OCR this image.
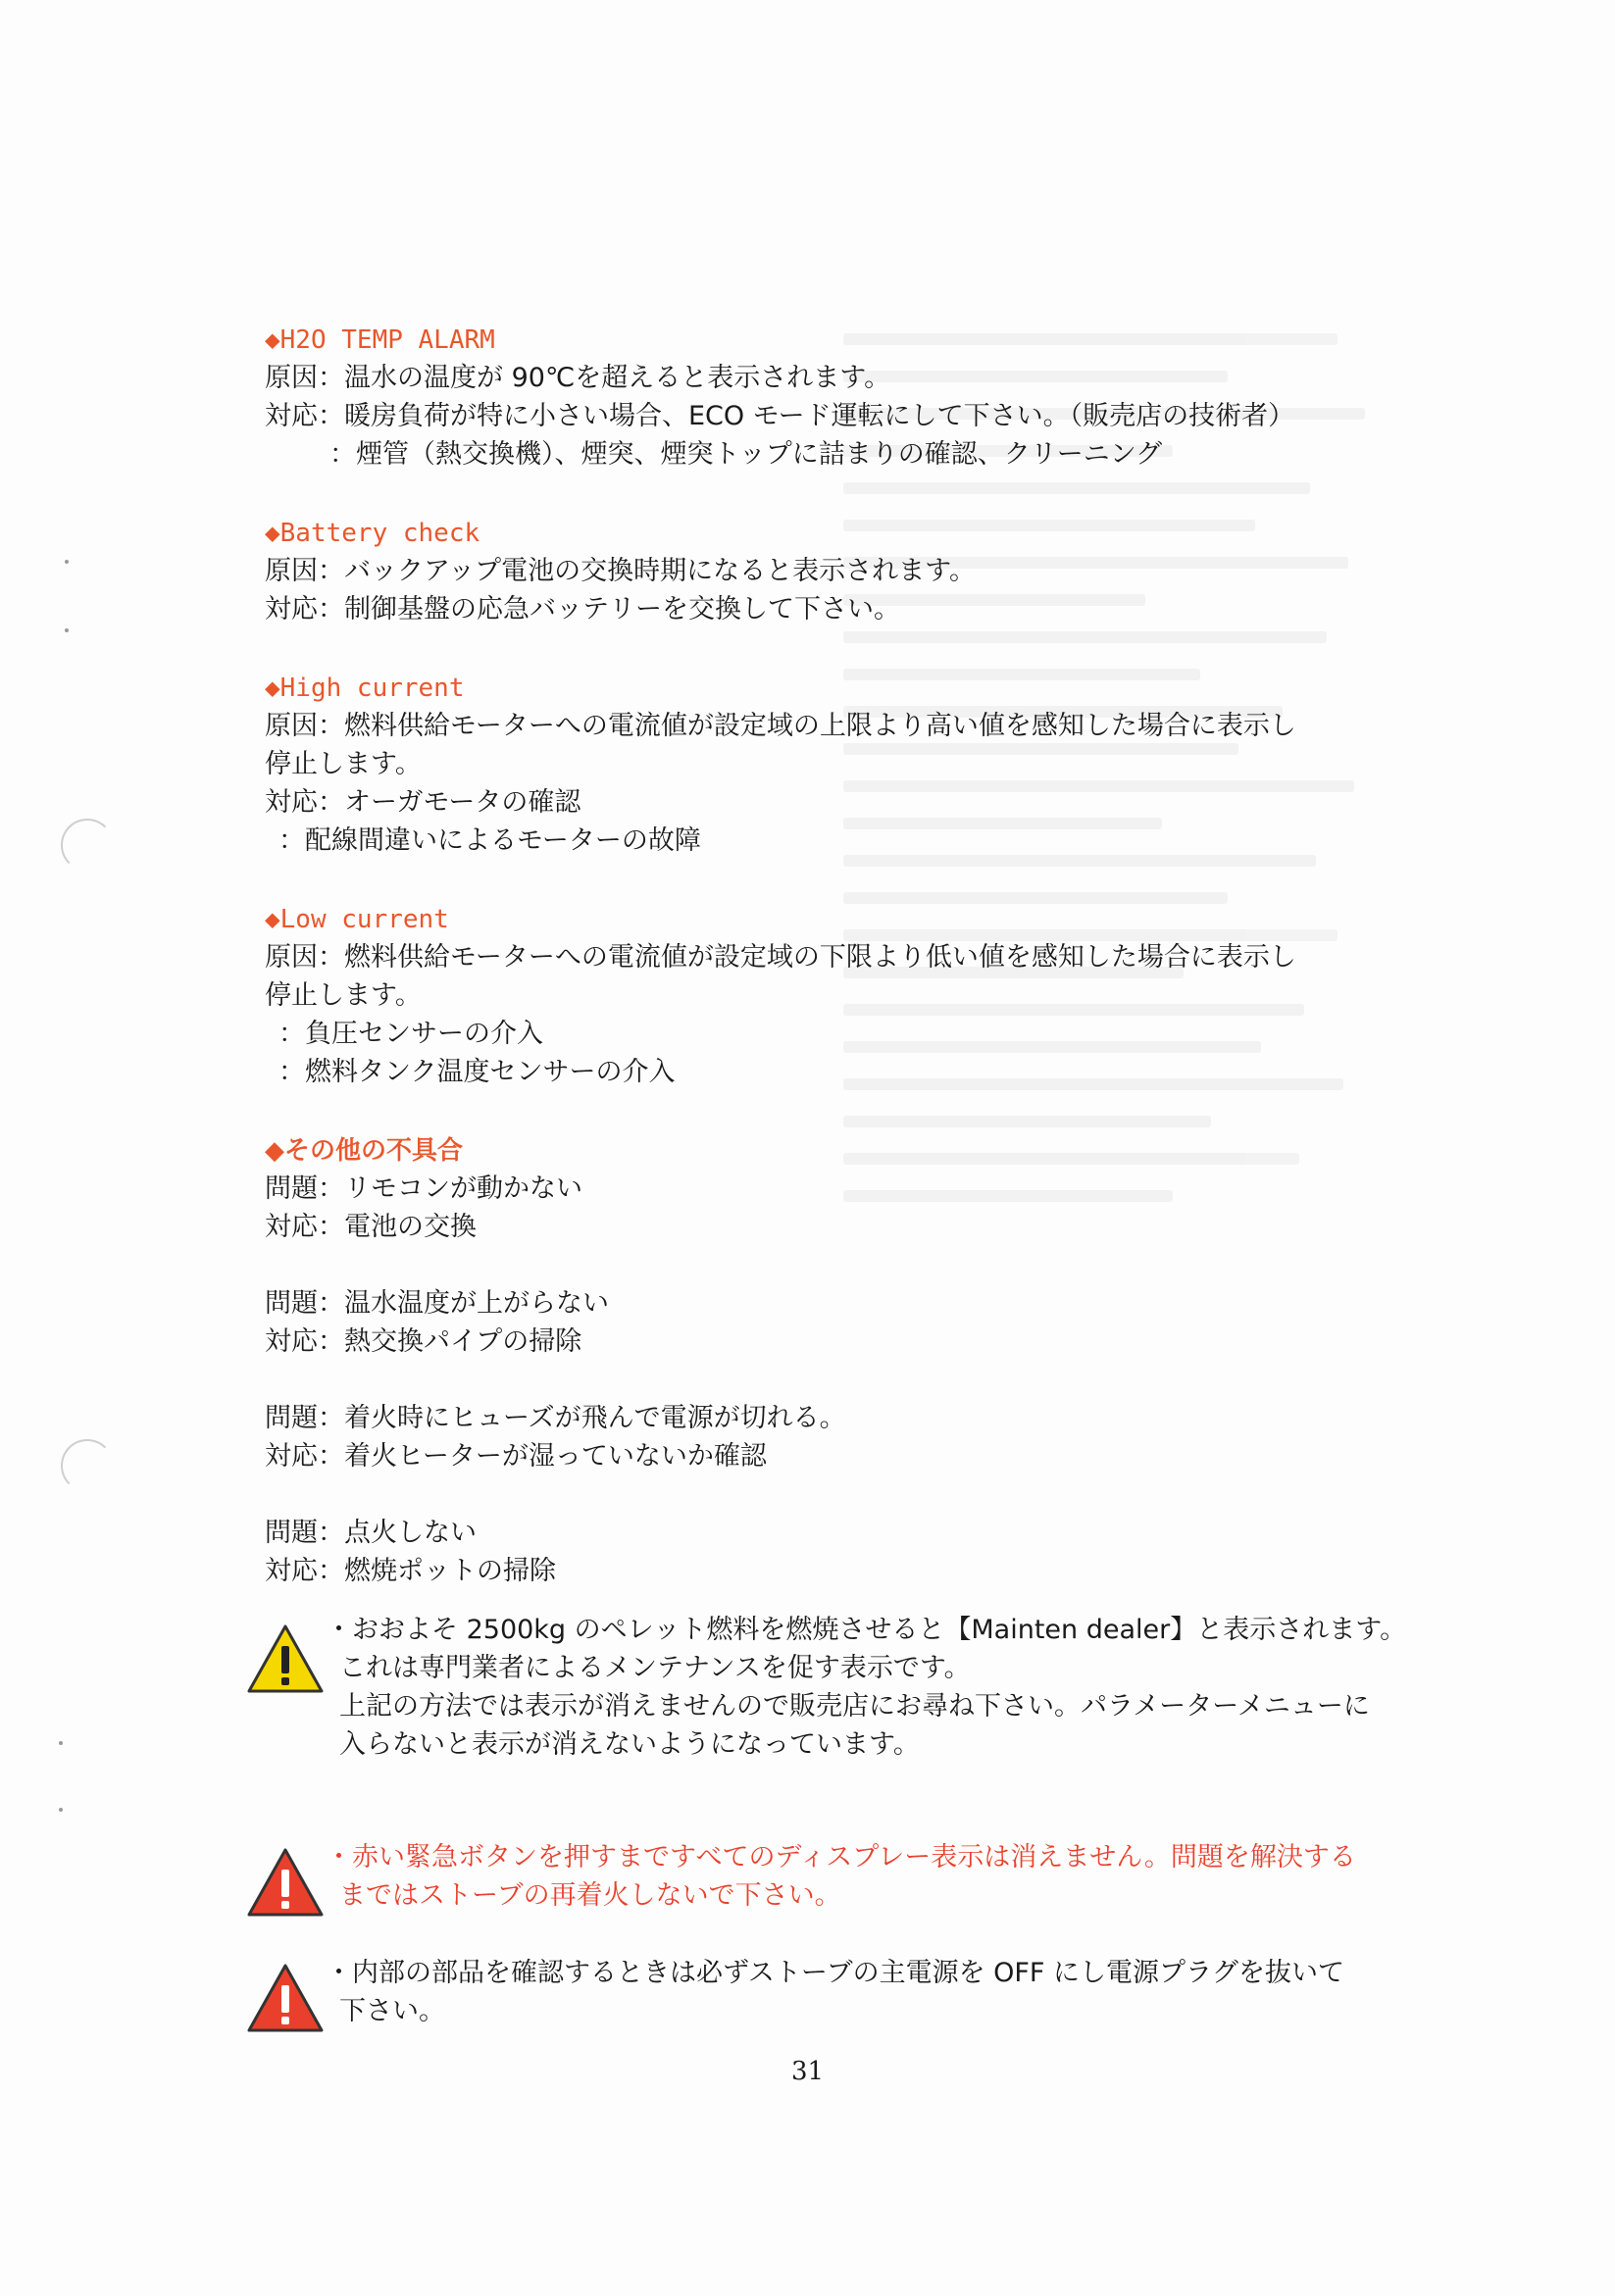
◆H2O TEMP ALARM
原因：温水の温度が 90℃を超えると表示されます。
対応：暖房負荷が特に小さい場合、ECO モード運転にして下さい。（販売店の技術者）
：煙管（熱交換機）、煙突、煙突トップに詰まりの確認、クリーニング
◆Battery check
原因：バックアップ電池の交換時期になると表示されます。
対応：制御基盤の応急バッテリーを交換して下さい。
◆High current
原因：燃料供給モーターへの電流値が設定域の上限より高い値を感知した場合に表示し
停止します。
対応：オーガモータの確認
：配線間違いによるモーターの故障
◆Low current
原因：燃料供給モーターへの電流値が設定域の下限より低い値を感知した場合に表示し
停止します。
：負圧センサーの介入
：燃料タンク温度センサーの介入
◆その他の不具合
問題：リモコンが動かない
対応：電池の交換
問題：温水温度が上がらない
対応：熱交換パイプの掃除
問題：着火時にヒューズが飛んで電源が切れる。
対応：着火ヒーターが湿っていないか確認
問題：点火しない
対応：燃焼ポットの掃除
・おおよそ 2500kg のペレット燃料を燃焼させると【Mainten dealer】と表示されます。
これは専門業者によるメンテナンスを促す表示です。
上記の方法では表示が消えませんので販売店にお尋ね下さい。パラメーターメニューに
入らないと表示が消えないようになっています。
・赤い緊急ボタンを押すまですべてのディスプレー表示は消えません。問題を解決する
まではストーブの再着火しないで下さい。
・内部の部品を確認するときは必ずストーブの主電源を OFF にし電源プラグを抜いて
下さい。
31
